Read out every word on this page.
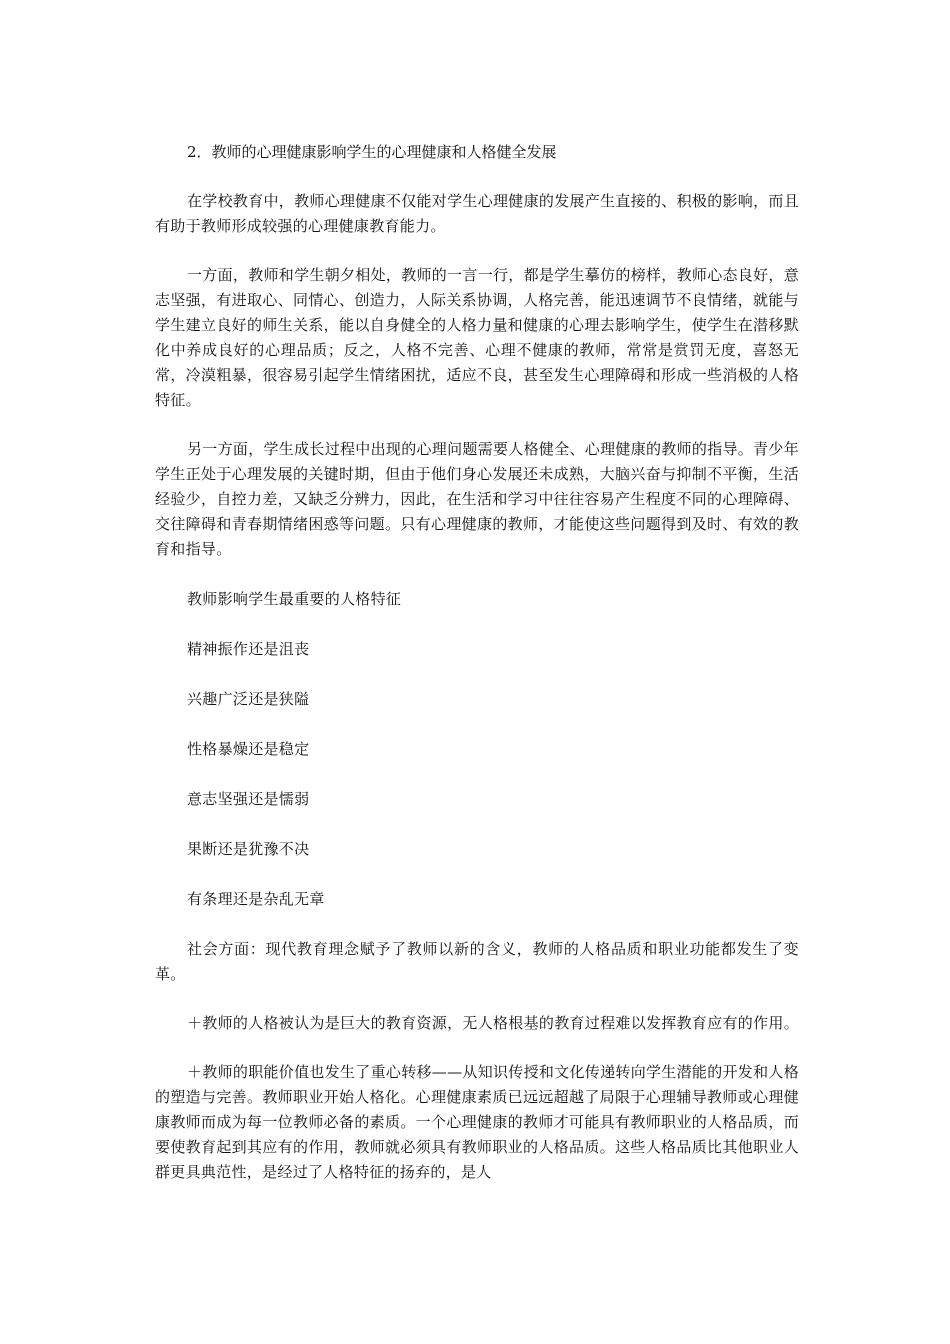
2．教师的心理健康影响学生的心理健康和人格健全发展

在学校教育中，教师心理健康不仅能对学生心理健康的发展产生直接的、积极的影响，而且有助于教师形成较强的心理健康教育能力。

一方面，教师和学生朝夕相处，教师的一言一行，都是学生摹仿的榜样，教师心态良好，意志坚强，有进取心、同情心、创造力，人际关系协调，人格完善，能迅速调节不良情绪，就能与学生建立良好的师生关系，能以自身健全的人格力量和健康的心理去影响学生，使学生在潜移默化中养成良好的心理品质；反之，人格不完善、心理不健康的教师，常常是赏罚无度，喜怒无常，冷漠粗暴，很容易引起学生情绪困扰，适应不良，甚至发生心理障碍和形成一些消极的人格特征。

另一方面，学生成长过程中出现的心理问题需要人格健全、心理健康的教师的指导。青少年学生正处于心理发展的关键时期，但由于他们身心发展还未成熟，大脑兴奋与抑制不平衡，生活经验少，自控力差，又缺乏分辨力，因此，在生活和学习中往往容易产生程度不同的心理障碍、交往障碍和青春期情绪困惑等问题。只有心理健康的教师，才能使这些问题得到及时、有效的教育和指导。

教师影响学生最重要的人格特征

精神振作还是沮丧

兴趣广泛还是狭隘

性格暴燥还是稳定

意志坚强还是懦弱

果断还是犹豫不决

有条理还是杂乱无章

社会方面：现代教育理念赋予了教师以新的含义，教师的人格品质和职业功能都发生了变革。

＋教师的人格被认为是巨大的教育资源，无人格根基的教育过程难以发挥教育应有的作用。

＋教师的职能价值也发生了重心转移——从知识传授和文化传递转向学生潜能的开发和人格的塑造与完善。教师职业开始人格化。心理健康素质已远远超越了局限于心理辅导教师或心理健康教师而成为每一位教师必备的素质。一个心理健康的教师才可能具有教师职业的人格品质，而要使教育起到其应有的作用，教师就必须具有教师职业的人格品质。这些人格品质比其他职业人群更具典范性，是经过了人格特征的扬弃的，是人
